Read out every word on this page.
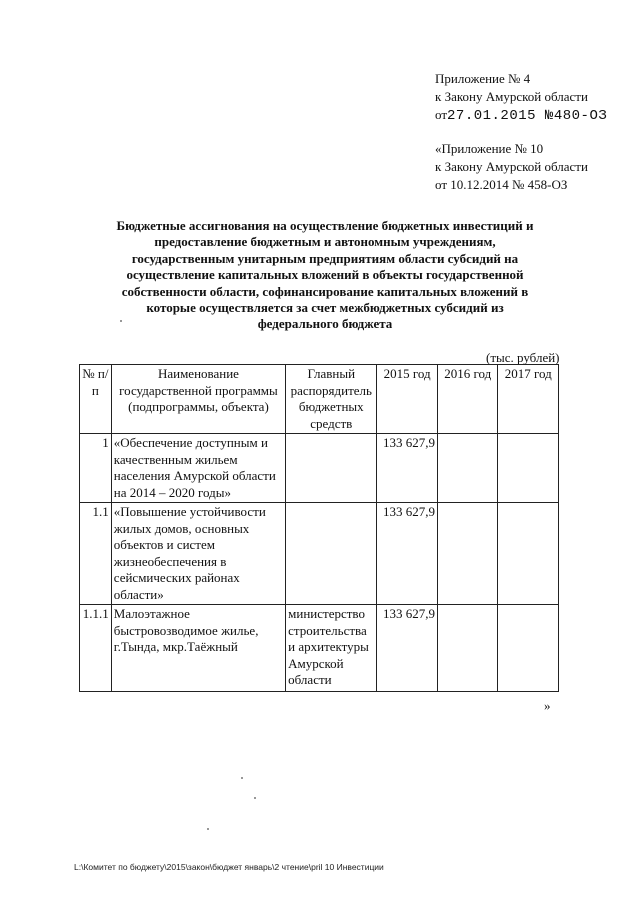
Приложение № 4
к Закону Амурской области
от27.01.2015 №480-ОЗ
«Приложение № 10
к Закону Амурской области
от 10.12.2014 № 458-ОЗ
Бюджетные ассигнования на осуществление бюджетных инвестиций и предоставление бюджетным и автономным учреждениям, государственным унитарным предприятиям области субсидий на осуществление капитальных вложений в объекты государственной собственности области, софинансирование капитальных вложений в которые осуществляется за счет межбюджетных субсидий из федерального бюджета
(тыс. рублей)
№ п/п	Наименование государственной программы (подпрограммы, объекта)	Главный распорядитель бюджетных средств	2015 год	2016 год	2017 год
1	«Обеспечение доступным и качественным жильем населения Амурской области на 2014 – 2020 годы»		133 627,9		
1.1	«Повышение устойчивости жилых домов, основных объектов и систем жизнеобеспечения в сейсмических районах области»		133 627,9		
1.1.1	Малоэтажное быстровозводимое жилье, г.Тында, мкр.Таёжный	министерство строительства и архитектуры Амурской области	133 627,9		
»
L:\Комитет по бюджету\2015\закон\бюджет январь\2 чтение\pril 10 Инвестиции
